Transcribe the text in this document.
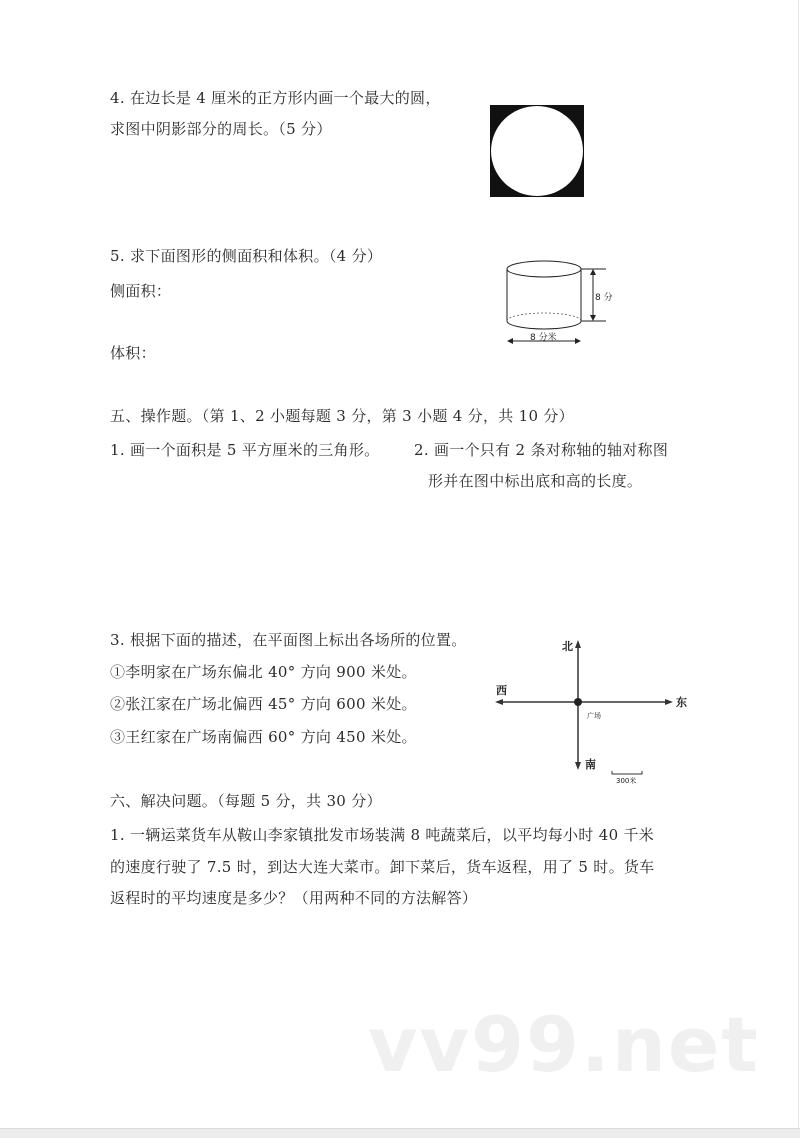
4. 在边长是 4 厘米的正方形内画一个最大的圆，
求图中阴影部分的周长。（5 分）
5. 求下面图形的侧面积和体积。（4 分）
侧面积：
体积：
8 分
8 分米
五、操作题。（第 1、2 小题每题 3 分，第 3 小题 4 分，共 10 分）
1. 画一个面积是 5 平方厘米的三角形。 2. 画一个只有 2 条对称轴的轴对称图
形并在图中标出底和高的长度。
3. 根据下面的描述，在平面图上标出各场所的位置。
①李明家在广场东偏北 40° 方向 900 米处。
②张江家在广场北偏西 45° 方向 600 米处。
③王红家在广场南偏西 60° 方向 450 米处。
北
南
东
西
广场
300米
六、解决问题。（每题 5 分，共 30 分）
1. 一辆运菜货车从鞍山李家镇批发市场装满 8 吨蔬菜后，以平均每小时 40 千米
的速度行驶了 7.5 时，到达大连大菜市。卸下菜后，货车返程，用了 5 时。货车
返程时的平均速度是多少？（用两种不同的方法解答）
vv99.net
